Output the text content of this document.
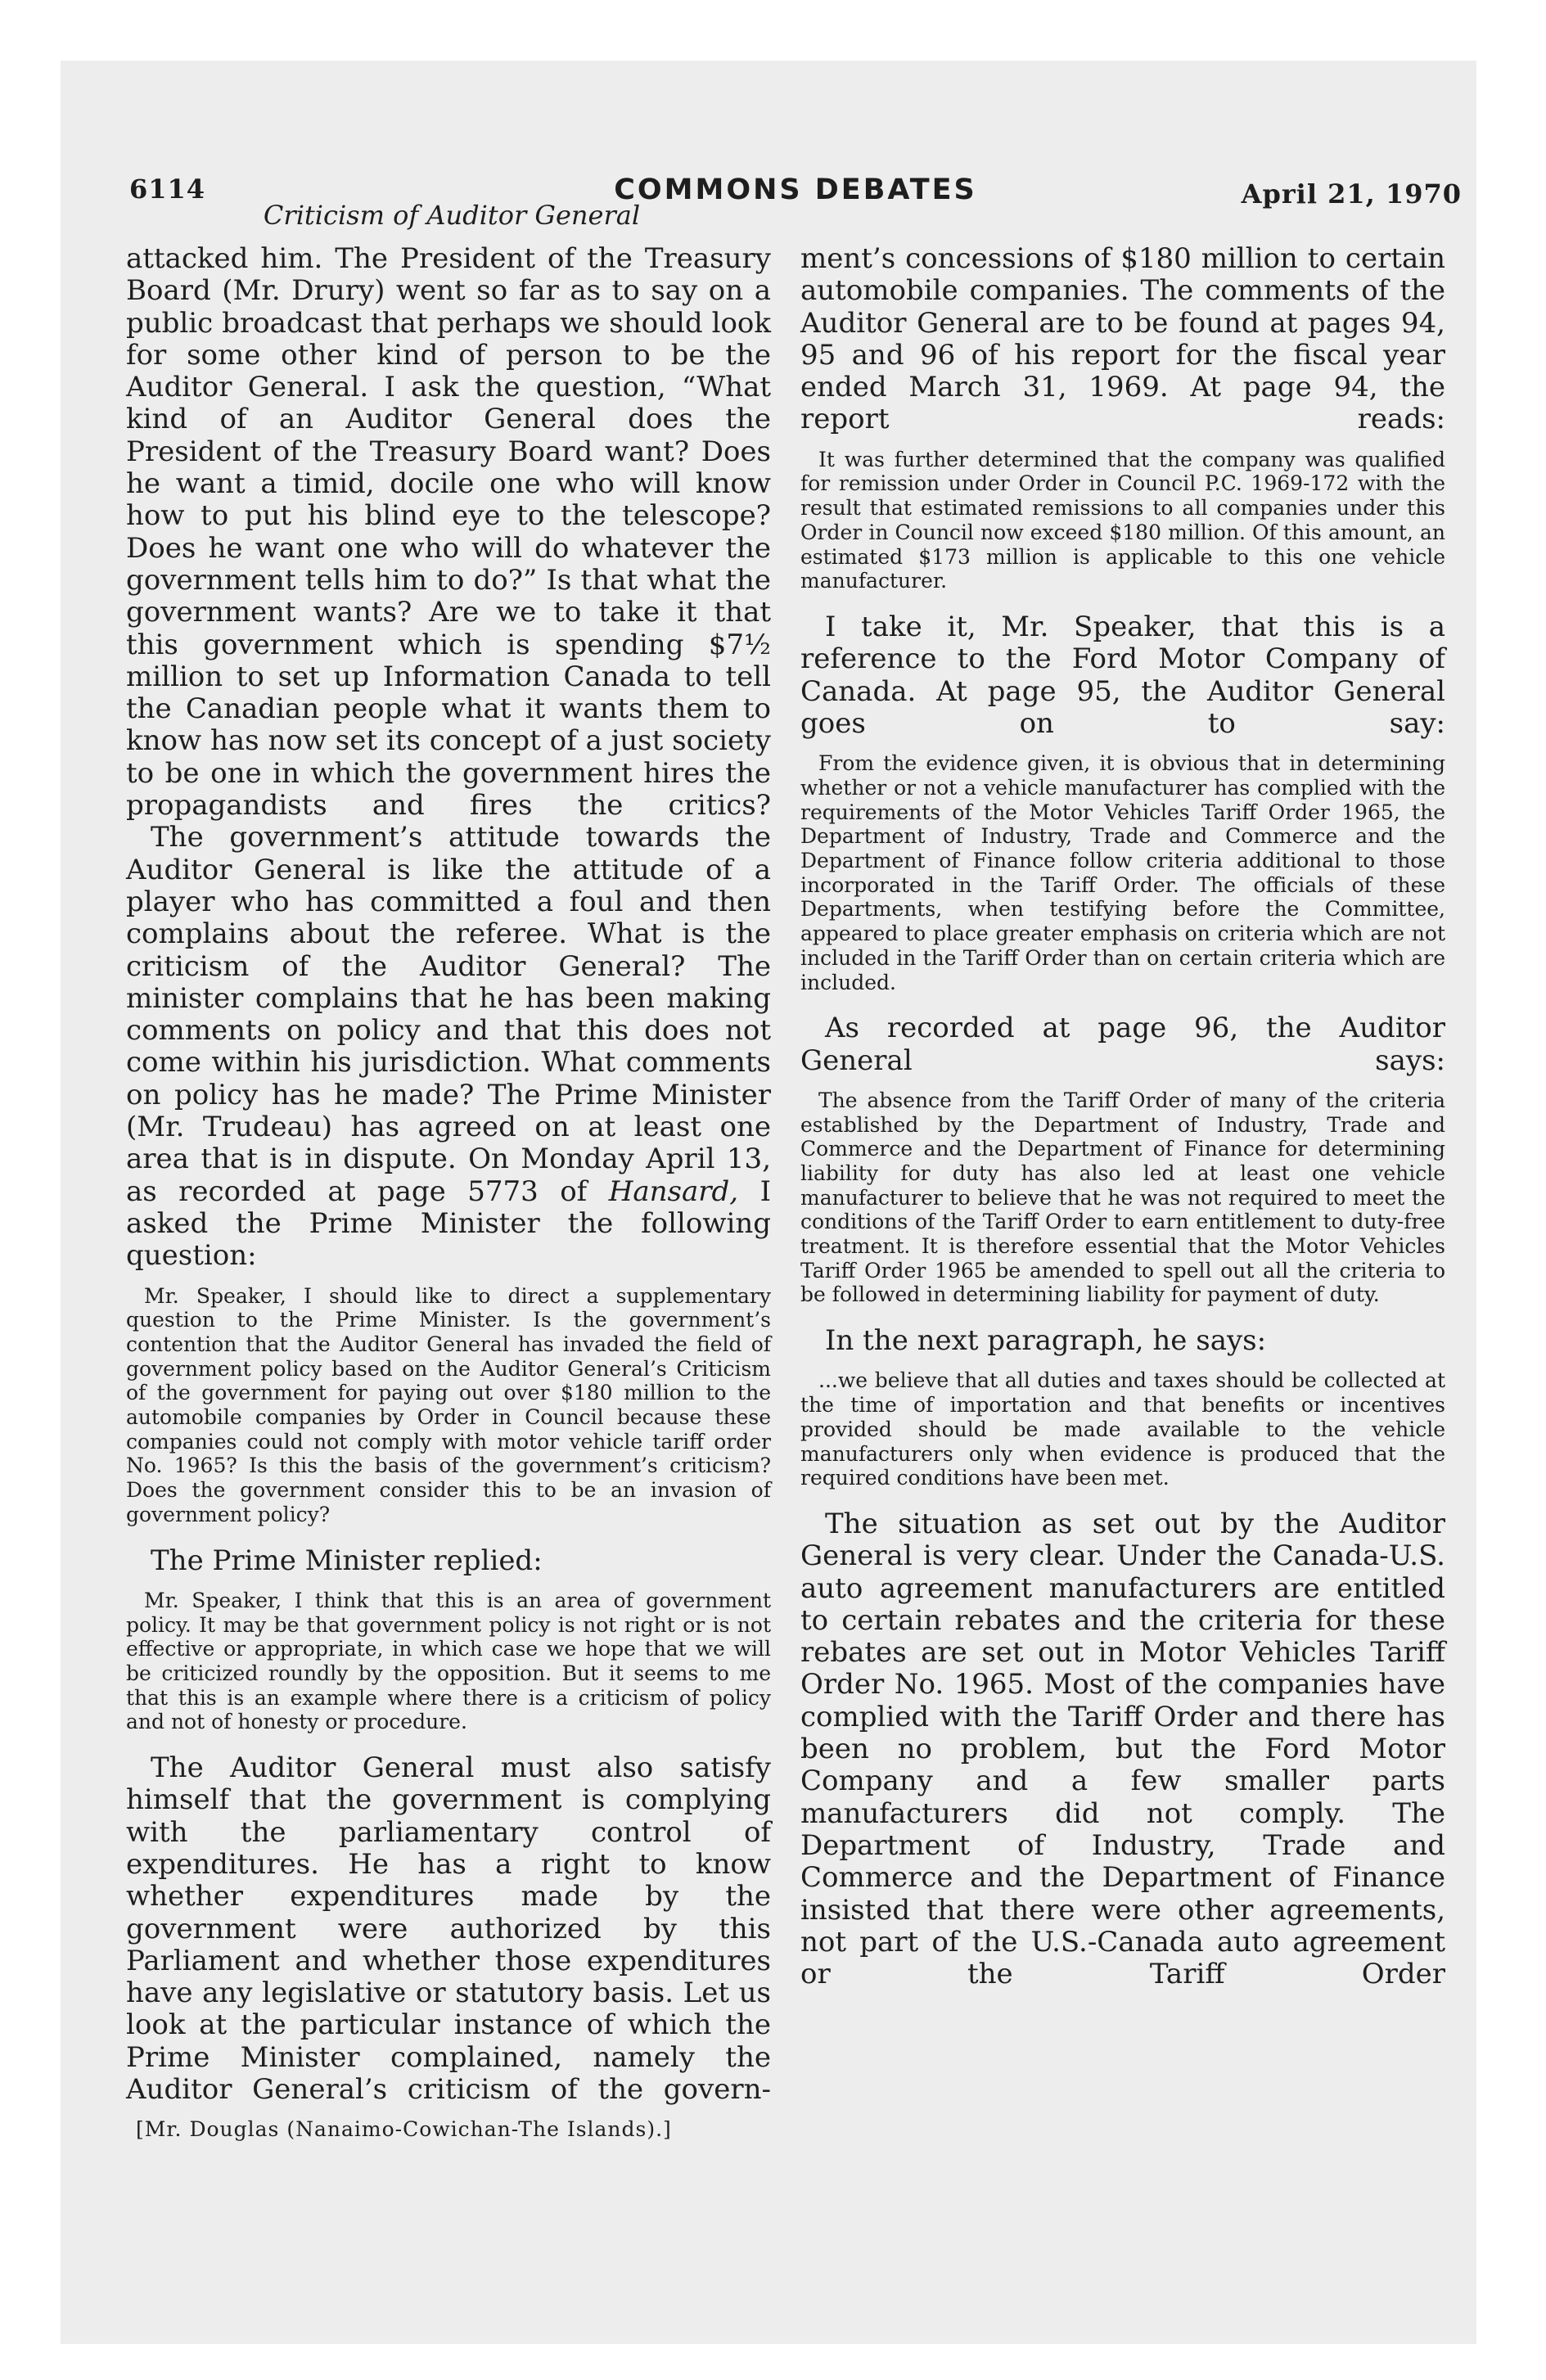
6114	COMMONS DEBATES	April 21, 1970
Criticism of Auditor General

attacked him. The President of the Treasury Board (Mr. Drury) went so far as to say on a public broadcast that perhaps we should look for some other kind of person to be the Auditor General. I ask the question, “What kind of an Auditor General does the President of the Treasury Board want? Does he want a timid, docile one who will know how to put his blind eye to the telescope? Does he want one who will do whatever the government tells him to do?” Is that what the government wants? Are we to take it that this government which is spending $7½ million to set up Information Canada to tell the Canadian people what it wants them to know has now set its concept of a just society to be one in which the government hires the propagandists and fires the critics?

The government’s attitude towards the Auditor General is like the attitude of a player who has committed a foul and then complains about the referee. What is the criticism of the Auditor General? The minister complains that he has been making comments on policy and that this does not come within his jurisdiction. What comments on policy has he made? The Prime Minister (Mr. Trudeau) has agreed on at least one area that is in dispute. On Monday April 13, as recorded at page 5773 of Hansard, I asked the Prime Minister the following question:

Mr. Speaker, I should like to direct a supplementary question to the Prime Minister. Is the government’s contention that the Auditor General has invaded the field of government policy based on the Auditor General’s Criticism of the government for paying out over $180 million to the automobile companies by Order in Council because these companies could not comply with motor vehicle tariff order No. 1965? Is this the basis of the government’s criticism? Does the government consider this to be an invasion of government policy?

The Prime Minister replied:

Mr. Speaker, I think that this is an area of government policy. It may be that government policy is not right or is not effective or appropriate, in which case we hope that we will be criticized roundly by the opposition. But it seems to me that this is an example where there is a criticism of policy and not of honesty or procedure.

The Auditor General must also satisfy himself that the government is complying with the parliamentary control of expenditures. He has a right to know whether expenditures made by the government were authorized by this Parliament and whether those expenditures have any legislative or statutory basis. Let us look at the particular instance of which the Prime Minister complained, namely the Auditor General’s criticism of the govern-

[Mr. Douglas (Nanaimo-Cowichan-The Islands).]

ment’s concessions of $180 million to certain automobile companies. The comments of the Auditor General are to be found at pages 94, 95 and 96 of his report for the fiscal year ended March 31, 1969. At page 94, the report reads:

It was further determined that the company was qualified for remission under Order in Council P.C. 1969-172 with the result that estimated remissions to all companies under this Order in Council now exceed $180 million. Of this amount, an estimated $173 million is applicable to this one vehicle manufacturer.

I take it, Mr. Speaker, that this is a reference to the Ford Motor Company of Canada. At page 95, the Auditor General goes on to say:

From the evidence given, it is obvious that in determining whether or not a vehicle manufacturer has complied with the requirements of the Motor Vehicles Tariff Order 1965, the Department of Industry, Trade and Commerce and the Department of Finance follow criteria additional to those incorporated in the Tariff Order. The officials of these Departments, when testifying before the Committee, appeared to place greater emphasis on criteria which are not included in the Tariff Order than on certain criteria which are included.

As recorded at page 96, the Auditor General says:

The absence from the Tariff Order of many of the criteria established by the Department of Industry, Trade and Commerce and the Department of Finance for determining liability for duty has also led at least one vehicle manufacturer to believe that he was not required to meet the conditions of the Tariff Order to earn entitlement to duty-free treatment. It is therefore essential that the Motor Vehicles Tariff Order 1965 be amended to spell out all the criteria to be followed in determining liability for payment of duty.

In the next paragraph, he says:

...we believe that all duties and taxes should be collected at the time of importation and that benefits or incentives provided should be made available to the vehicle manufacturers only when evidence is produced that the required conditions have been met.

The situation as set out by the Auditor General is very clear. Under the Canada-U.S. auto agreement manufacturers are entitled to certain rebates and the criteria for these rebates are set out in Motor Vehicles Tariff Order No. 1965. Most of the companies have complied with the Tariff Order and there has been no problem, but the Ford Motor Company and a few smaller parts manufacturers did not comply. The Department of Industry, Trade and Commerce and the Department of Finance insisted that there were other agreements, not part of the U.S.-Canada auto agreement or the Tariff Order
